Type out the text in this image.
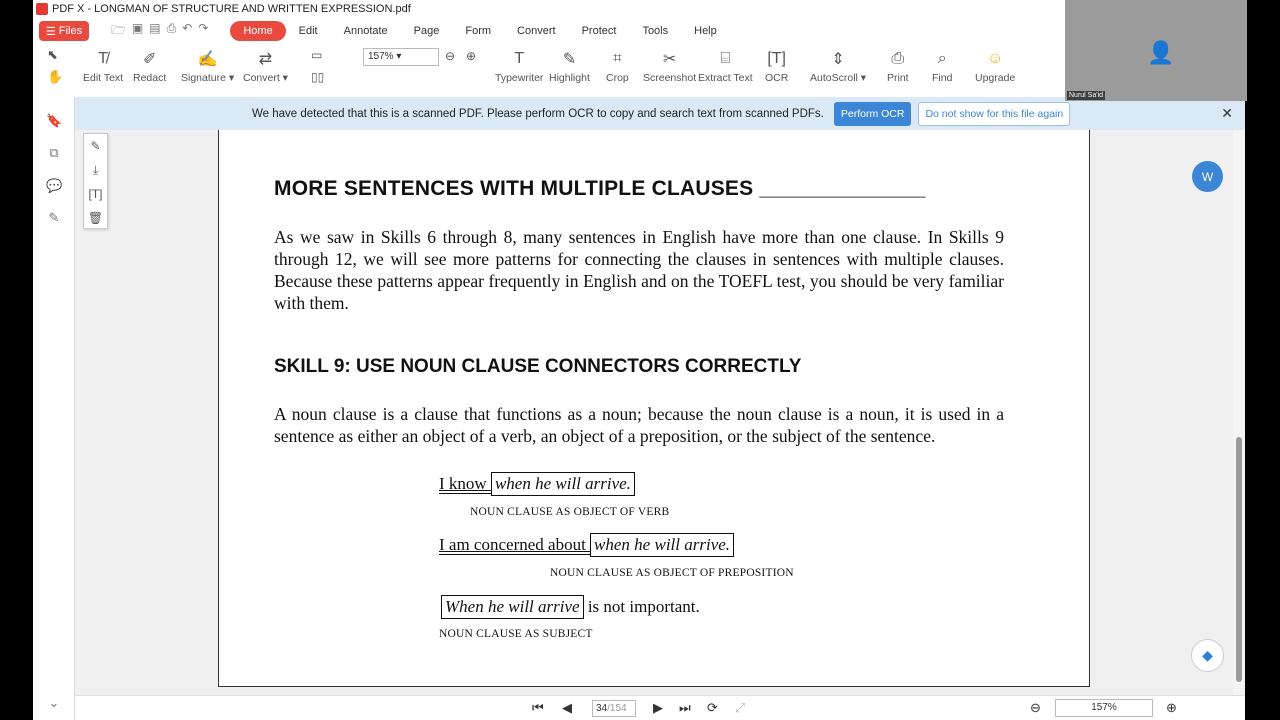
PDF X - LONGMAN OF STRUCTURE AND WRITTEN EXPRESSION.pdf
☰ Files 🗁 ▣ ▤ ⎙ ↶ ↷	Home	Edit	Annotate	Page	Form	Convert	Protect	Tools	Help
⬉
✋
▭
▯▯
157% ▾	⊖ ⊕
T̸
Edit Text
✐
Redact
✍
Signature ▾
⇄
Convert ▾
T
Typewriter
✎
Highlight
⌗
Crop
✂
Screenshot
⌸
Extract Text
[T]
OCR
⇕
AutoScroll ▾
⎙
Print
⌕
Find
☺
Upgrade
🔖
⧉
💬
✎
⌄
We have detected that this is a scanned PDF. Please perform OCR to copy and search text from scanned PDFs.	Perform OCR	Do not show for this file again	✕
✎
⤓
[T]
🗑
MORE SENTENCES WITH MULTIPLE CLAUSES ______________

As we saw in Skills 6 through 8, many sentences in English have more than one clause. In Skills 9 through 12, we will see more patterns for connecting the clauses in sentences with multiple clauses. Because these patterns appear frequently in English and on the TOEFL test, you should be very familiar with them.

SKILL 9: USE NOUN CLAUSE CONNECTORS CORRECTLY

A noun clause is a clause that functions as a noun; because the noun clause is a noun, it is used in a sentence as either an object of a verb, an object of a preposition, or the subject of the sentence.

I know when he will arrive.
NOUN CLAUSE AS OBJECT OF VERB
I am concerned about when he will arrive.
NOUN CLAUSE AS OBJECT OF PREPOSITION
When he will arrive is not important.
NOUN CLAUSE AS SUBJECT
⏮ ◀	34/154	▶ ⏭ ⟳ ⤢	⊖	157%	⊕
👤
Nurul Sa'id
W
◆
